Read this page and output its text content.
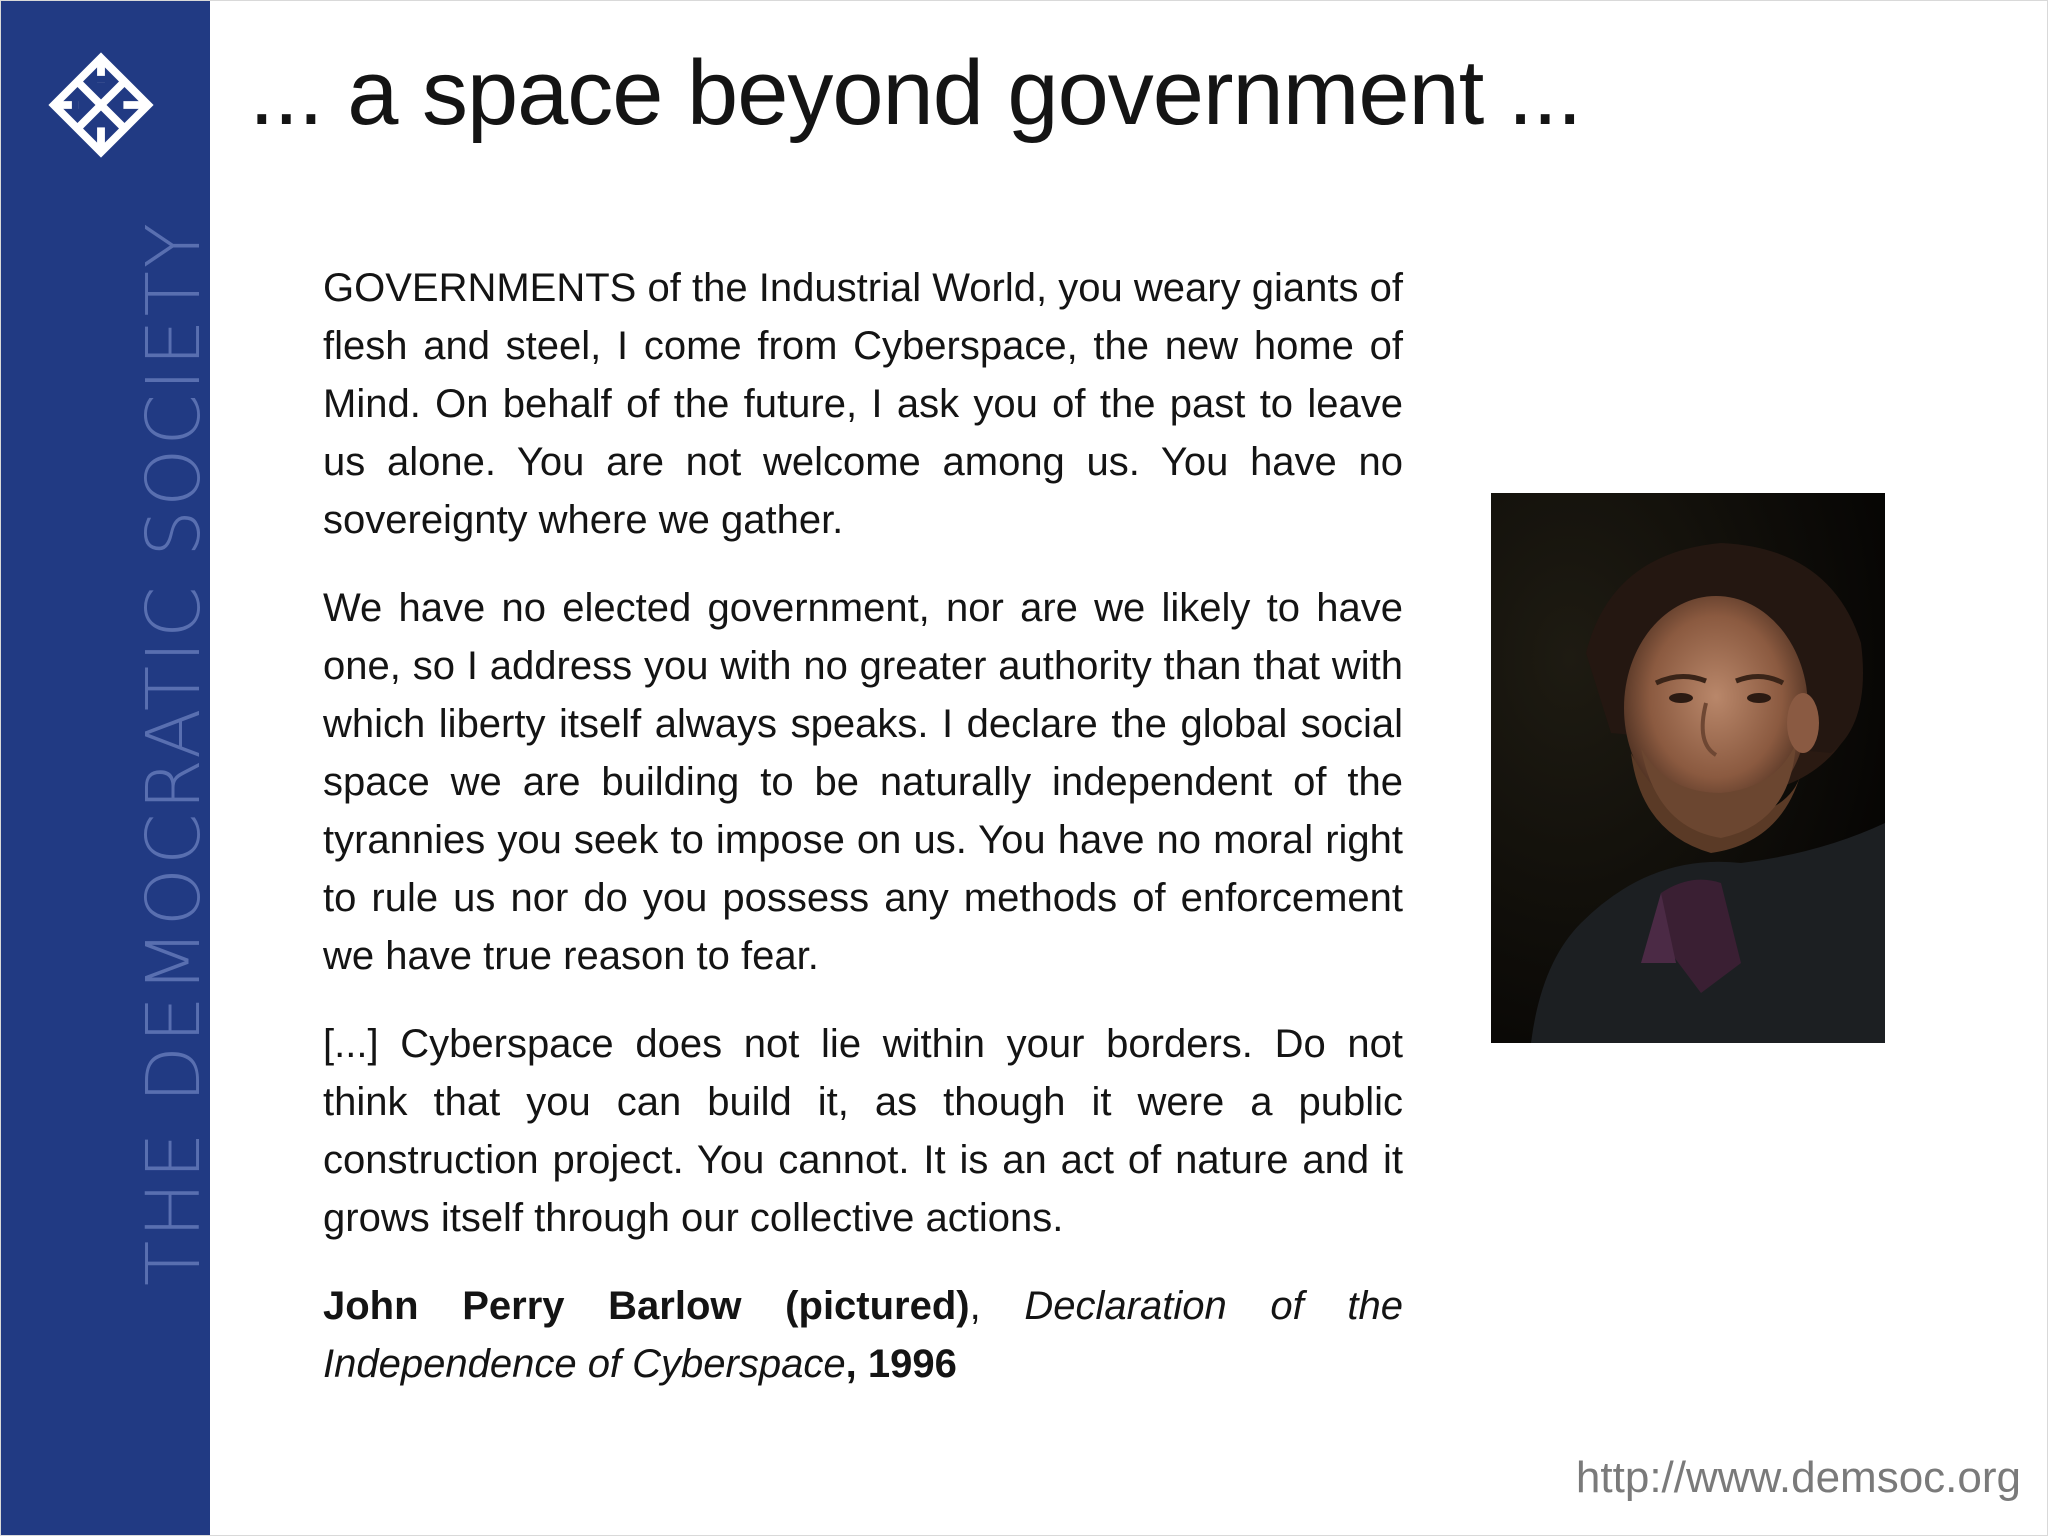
THE DEMOCRATIC SOCIETY
... a space beyond government ...

GOVERNMENTS of the Industrial World, you weary giants of flesh and steel, I come from Cyberspace, the new home of Mind. On behalf of the future, I ask you of the past to leave us alone. You are not welcome among us. You have no sovereignty where we gather.

We have no elected government, nor are we likely to have one, so I address you with no greater authority than that with which liberty itself always speaks. I declare the global social space we are building to be naturally independent of the tyrannies you seek to impose on us. You have no moral right to rule us nor do you possess any methods of enforcement we have true reason to fear.

[...] Cyberspace does not lie within your borders. Do not think that you can build it, as though it were a public construction project. You cannot. It is an act of nature and it grows itself through our collective actions.

John Perry Barlow (pictured), Declaration of the Independence of Cyberspace, 1996
http://www.demsoc.org
